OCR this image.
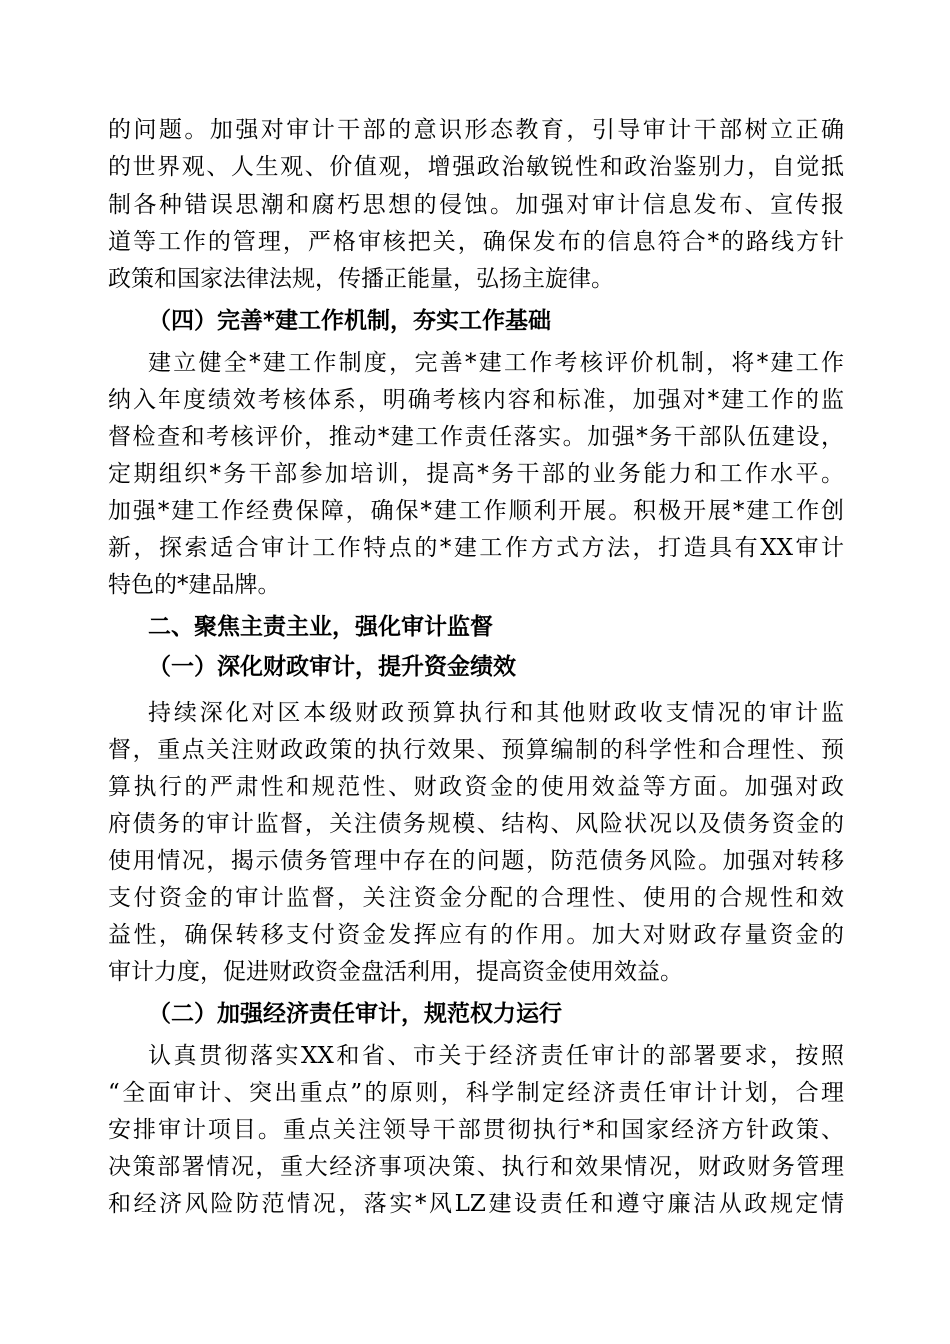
的问题。加强对审计干部的意识形态教育，引导审计干部树立正确
的世界观、人生观、价值观，增强政治敏锐性和政治鉴别力，自觉抵
制各种错误思潮和腐朽思想的侵蚀。加强对审计信息发布、宣传报
道等工作的管理，严格审核把关，确保发布的信息符合*的路线方针
政策和国家法律法规，传播正能量，弘扬主旋律。
（四）完善*建工作机制，夯实工作基础
建立健全*建工作制度，完善*建工作考核评价机制，将*建工作
纳入年度绩效考核体系，明确考核内容和标准，加强对*建工作的监
督检查和考核评价，推动*建工作责任落实。加强*务干部队伍建设，
定期组织*务干部参加培训，提高*务干部的业务能力和工作水平。
加强*建工作经费保障，确保*建工作顺利开展。积极开展*建工作创
新，探索适合审计工作特点的*建工作方式方法，打造具有XX审计
特色的*建品牌。
二、聚焦主责主业，强化审计监督
（一）深化财政审计，提升资金绩效
持续深化对区本级财政预算执行和其他财政收支情况的审计监
督，重点关注财政政策的执行效果、预算编制的科学性和合理性、预
算执行的严肃性和规范性、财政资金的使用效益等方面。加强对政
府债务的审计监督，关注债务规模、结构、风险状况以及债务资金的
使用情况，揭示债务管理中存在的问题，防范债务风险。加强对转移
支付资金的审计监督，关注资金分配的合理性、使用的合规性和效
益性，确保转移支付资金发挥应有的作用。加大对财政存量资金的
审计力度，促进财政资金盘活利用，提高资金使用效益。
（二）加强经济责任审计，规范权力运行
认真贯彻落实XX和省、市关于经济责任审计的部署要求，按照
“全面审计、突出重点”的原则，科学制定经济责任审计计划，合理
安排审计项目。重点关注领导干部贯彻执行*和国家经济方针政策、
决策部署情况，重大经济事项决策、执行和效果情况，财政财务管理
和经济风险防范情况，落实*风LZ建设责任和遵守廉洁从政规定情
